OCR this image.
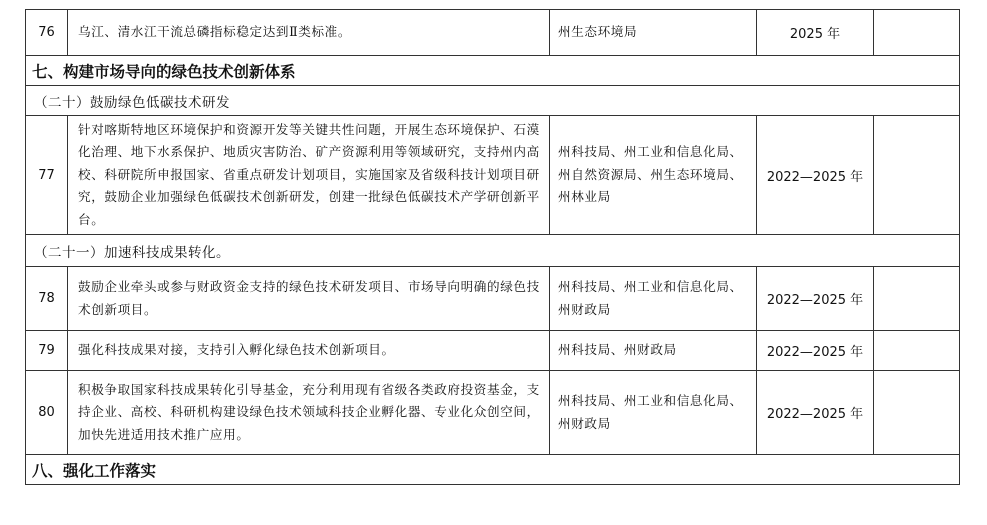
76	乌江、清水江干流总磷指标稳定达到Ⅱ类标准。	州生态环境局	2025 年	
七、构建市场导向的绿色技术创新体系				
（二十）鼓励绿色低碳技术研发				
77	针对喀斯特地区环境保护和资源开发等关键共性问题，开展生态环境保护、石漠化治理、地下水系保护、地质灾害防治、矿产资源利用等领域研究，支持州内高校、科研院所申报国家、省重点研发计划项目，实施国家及省级科技计划项目研究，鼓励企业加强绿色低碳技术创新研发，创建一批绿色低碳技术产学研创新平台。	州科技局、州工业和信息化局、州自然资源局、州生态环境局、州林业局	2022—2025 年	
（二十一）加速科技成果转化。				
78	鼓励企业牵头或参与财政资金支持的绿色技术研发项目、市场导向明确的绿色技术创新项目。	州科技局、州工业和信息化局、州财政局	2022—2025 年	
79	强化科技成果对接，支持引入孵化绿色技术创新项目。	州科技局、州财政局	2022—2025 年	
80	积极争取国家科技成果转化引导基金，充分利用现有省级各类政府投资基金，支持企业、高校、科研机构建设绿色技术领域科技企业孵化器、专业化众创空间，加快先进适用技术推广应用。	州科技局、州工业和信息化局、州财政局	2022—2025 年	
八、强化工作落实				
